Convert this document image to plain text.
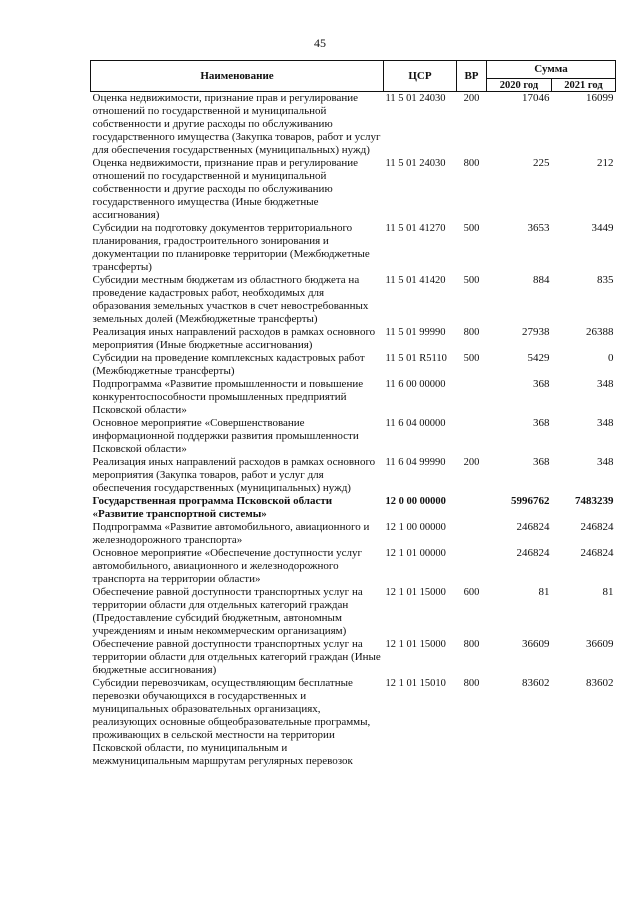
45
Наименование	ЦСР	ВР	Сумма	
			2020 год	2021 год
Оценка недвижимости, признание прав и регулирование отношений по государственной и муниципальной собственности и другие расходы по обслуживанию государственного имущества (Закупка товаров, работ и услуг для обеспечения государственных (муниципальных) нужд)	11 5 01 24030	200	17046	16099
Оценка недвижимости, признание прав и регулирование отношений по государственной и муниципальной собственности и другие расходы по обслуживанию государственного имущества (Иные бюджетные ассигнования)	11 5 01 24030	800	225	212
Субсидии на подготовку документов территориального планирования, градостроительного зонирования и документации по планировке территории (Межбюджетные трансферты)	11 5 01 41270	500	3653	3449
Субсидии местным бюджетам из областного бюджета на проведение кадастровых работ, необходимых для образования земельных участков в счет невостребованных земельных долей (Межбюджетные трансферты)	11 5 01 41420	500	884	835
Реализация иных направлений расходов в рамках основного мероприятия (Иные бюджетные ассигнования)	11 5 01 99990	800	27938	26388
Субсидии на проведение комплексных кадастровых работ (Межбюджетные трансферты)	11 5 01 R5110	500	5429	0
Подпрограмма «Развитие промышленности и повышение конкурентоспособности промышленных предприятий Псковской области»	11 6 00 00000		368	348
Основное мероприятие «Совершенствование информационной поддержки развития промышленности Псковской области»	11 6 04 00000		368	348
Реализация иных направлений расходов в рамках основного мероприятия (Закупка товаров, работ и услуг для обеспечения государственных (муниципальных) нужд)	11 6 04 99990	200	368	348
Государственная программа Псковской области «Развитие транспортной системы»	12 0 00 00000		5996762	7483239
Подпрограмма «Развитие автомобильного, авиационного и железнодорожного транспорта»	12 1 00 00000		246824	246824
Основное мероприятие «Обеспечение доступности услуг автомобильного, авиационного и железнодорожного транспорта на территории области»	12 1 01 00000		246824	246824
Обеспечение равной доступности транспортных услуг на территории области для отдельных категорий граждан (Предоставление субсидий бюджетным, автономным учреждениям и иным некоммерческим организациям)	12 1 01 15000	600	81	81
Обеспечение равной доступности транспортных услуг на территории области для отдельных категорий граждан (Иные бюджетные ассигнования)	12 1 01 15000	800	36609	36609
Субсидии перевозчикам, осуществляющим бесплатные перевозки обучающихся в государственных и муниципальных образовательных организациях, реализующих основные общеобразовательные программы, проживающих в сельской местности на территории Псковской области, по муниципальным и межмуниципальным маршрутам регулярных перевозок	12 1 01 15010	800	83602	83602
